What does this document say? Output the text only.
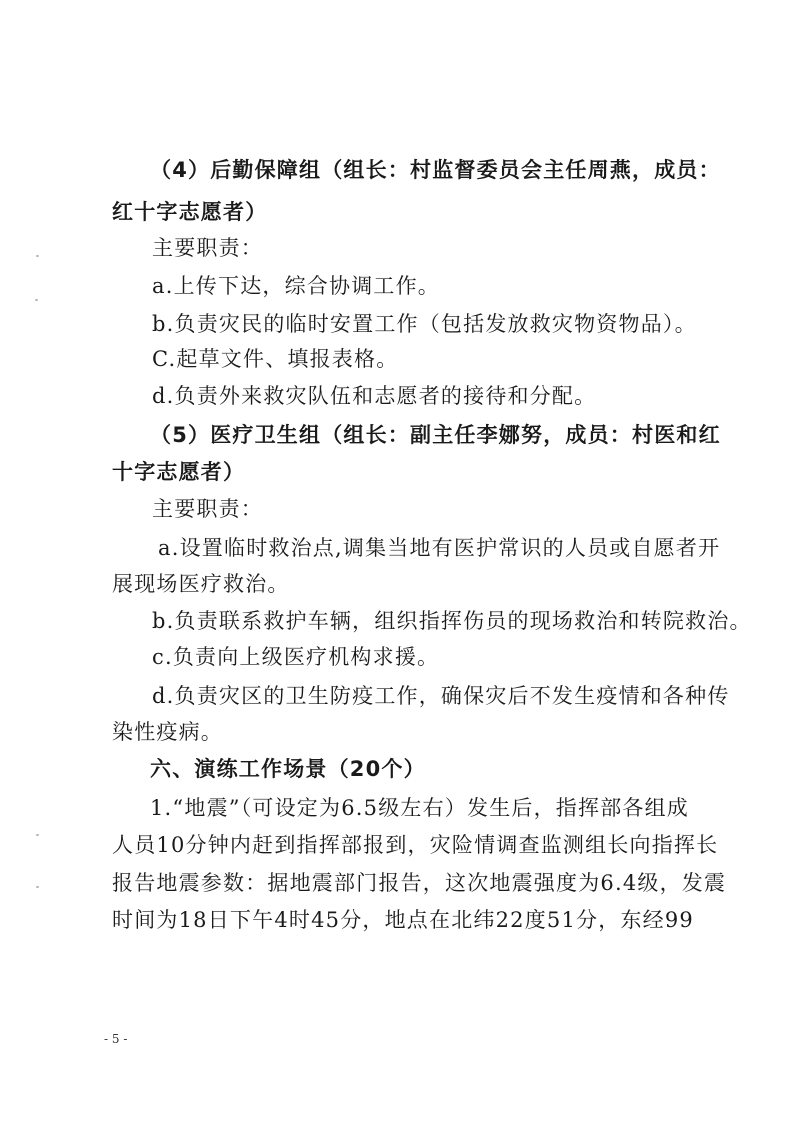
（4）后勤保障组（组长：村监督委员会主任周燕，成员：
红十字志愿者）
主要职责：
a.上传下达，综合协调工作。
b.负责灾民的临时安置工作（包括发放救灾物资物品）。
C.起草文件、填报表格。
d.负责外来救灾队伍和志愿者的接待和分配。
（5）医疗卫生组（组长：副主任李娜努，成员：村医和红
十字志愿者）
主要职责：
a.设置临时救治点,调集当地有医护常识的人员或自愿者开
展现场医疗救治。
b.负责联系救护车辆，组织指挥伤员的现场救治和转院救治。
c.负责向上级医疗机构求援。
d.负责灾区的卫生防疫工作，确保灾后不发生疫情和各种传
染性疫病。
六、演练工作场景（20个）
1.“地震”（可设定为6.5级左右）发生后，指挥部各组成
人员10分钟内赶到指挥部报到，灾险情调查监测组长向指挥长
报告地震参数：据地震部门报告，这次地震强度为6.4级，发震
时间为18日下午4时45分，地点在北纬22度51分，东经99
- 5 -
